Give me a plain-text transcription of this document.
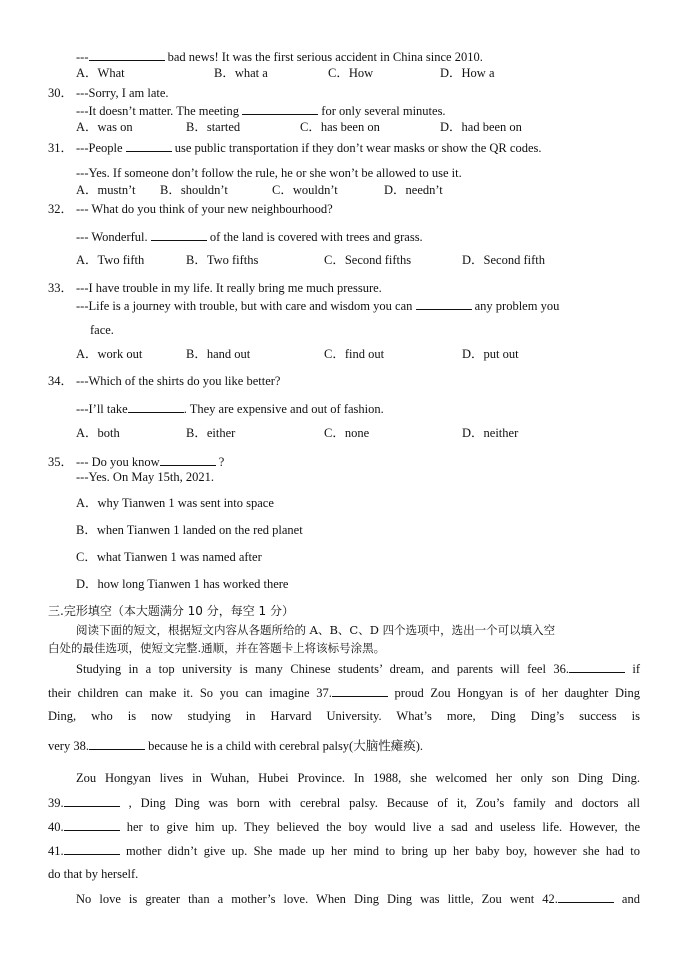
---	bad news! It was the first serious accident in China since 2010.
A．What	B．what a	C．How	D．How a
30． ---Sorry, I am late.
---It doesn’t matter. The meeting	for only several minutes.
A．was on	B．started	C．has been on	D．had been on
31． ---People	use public transportation if they don’t wear masks or show the QR codes.
---Yes. If someone don’t follow the rule, he or she won’t be allowed to use it.
A．mustn’t B．shouldn’t	C．wouldn’t	D．needn’t
32． --- What do you think of your new neighbourhood?
--- Wonderful.	of the land is covered with trees and grass.
A．Two fifth	B．Two fifths	C．Second fifths	D．Second fifth
33． ---I have trouble in my life. It really bring me much pressure.
---Life is a journey with trouble, but with care and wisdom you can	any problem you
face.
A．work out	B．hand out	C．find out	D．put out
34． ---Which of the shirts do you like better?
---I’ll take	. They are expensive and out of fashion.
A．both	B．either	C．none	D．neither
35． --- Do you know	?
---Yes. On May 15th, 2021.
A．why Tianwen 1 was sent into space
B．when Tianwen 1 landed on the red planet
C．what Tianwen 1 was named after
D．how long Tianwen 1 has worked there
三.完形填空（本大题满分 10 分，每空 1 分）
阅读下面的短文，根据短文内容从各题所给的 A、B、C、D 四个选项中，选出一个可以填入空
白处的最佳选项，使短文完整.通顺，并在答题卡上将该标号涂黑。
Studying in a top university is many Chinese students’ dream, and parents will feel 36.	if
their children can make it. So you can imagine 37.	proud Zou Hongyan is of her daughter Ding
Ding, who is now studying in Harvard University. What’s more, Ding Ding’s success is
very 38.	because he is a child with cerebral palsy(大脑性瘫痪).
Zou Hongyan lives in Wuhan, Hubei Province. In 1988, she welcomed her only son Ding Ding.
39.	, Ding Ding was born with cerebral palsy. Because of it, Zou’s family and doctors all
40.	her to give him up. They believed the boy would live a sad and useless life. However, the
41.	mother didn’t give up. She made up her mind to bring up her baby boy, however she had to
do that by herself.
No love is greater than a mother’s love. When Ding Ding was little, Zou went 42.	and
